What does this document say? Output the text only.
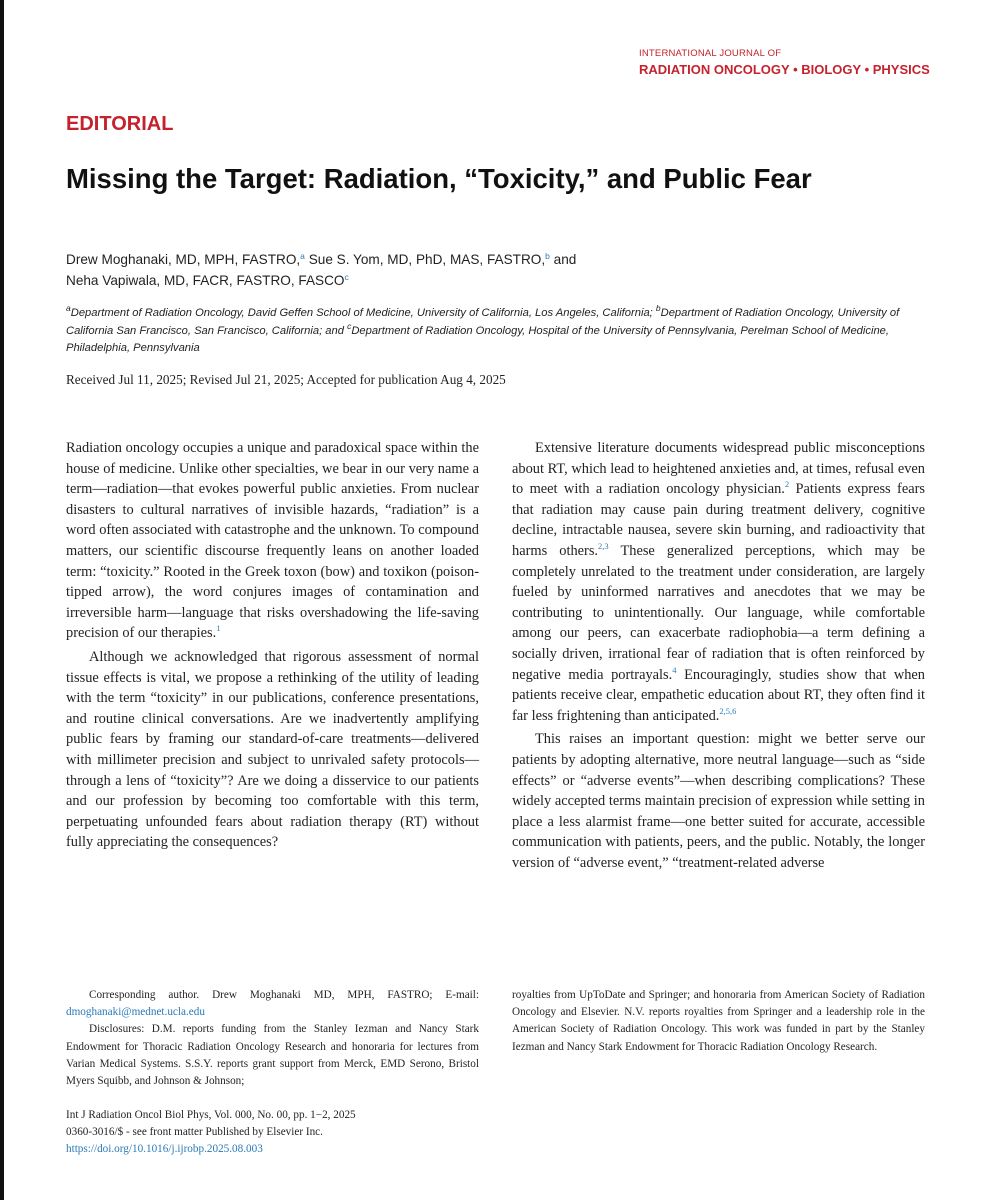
INTERNATIONAL JOURNAL OF
RADIATION ONCOLOGY • BIOLOGY • PHYSICS
EDITORIAL
Missing the Target: Radiation, “Toxicity,” and Public Fear
Drew Moghanaki, MD, MPH, FASTRO,$^a$ Sue S. Yom, MD, PhD, MAS, FASTRO,$^b$ and
Neha Vapiwala, MD, FACR, FASTRO, FASCO$^c$
$^a$Department of Radiation Oncology, David Geffen School of Medicine, University of California, Los Angeles, California; $^b$Department of Radiation Oncology, University of California San Francisco, San Francisco, California; and $^c$Department of Radiation Oncology, Hospital of the University of Pennsylvania, Perelman School of Medicine, Philadelphia, Pennsylvania
Received Jul 11, 2025; Revised Jul 21, 2025; Accepted for publication Aug 4, 2025

Radiation oncology occupies a unique and paradoxical space within the house of medicine. Unlike other specialties, we bear in our very name a term—radiation—that evokes powerful public anxieties. From nuclear disasters to cultural narratives of invisible hazards, “radiation” is a word often associated with catastrophe and the unknown. To compound matters, our scientific discourse frequently leans on another loaded term: “toxicity.” Rooted in the Greek toxon (bow) and toxikon (poison-tipped arrow), the word conjures images of contamination and irreversible harm—language that risks overshadowing the life-saving precision of our therapies.$^1$

Although we acknowledged that rigorous assessment of normal tissue effects is vital, we propose a rethinking of the utility of leading with the term “toxicity” in our publications, conference presentations, and routine clinical conversations. Are we inadvertently amplifying public fears by framing our standard-of-care treatments—delivered with millimeter precision and subject to unrivaled safety protocols—through a lens of “toxicity”? Are we doing a disservice to our patients and our profession by becoming too comfortable with this term, perpetuating unfounded fears about radiation therapy (RT) without fully appreciating the consequences?

Extensive literature documents widespread public misconceptions about RT, which lead to heightened anxieties and, at times, refusal even to meet with a radiation oncology physician.$^2$ Patients express fears that radiation may cause pain during treatment delivery, cognitive decline, intractable nausea, severe skin burning, and radioactivity that harms others.$^{2,3}$ These generalized perceptions, which may be completely unrelated to the treatment under consideration, are largely fueled by uninformed narratives and anecdotes that we may be contributing to unintentionally. Our language, while comfortable among our peers, can exacerbate radiophobia—a term defining a socially driven, irrational fear of radiation that is often reinforced by negative media portrayals.$^4$ Encouragingly, studies show that when patients receive clear, empathetic education about RT, they often find it far less frightening than anticipated.$^{2,5,6}$

This raises an important question: might we better serve our patients by adopting alternative, more neutral language—such as “side effects” or “adverse events”—when describing complications? These widely accepted terms maintain precision of expression while setting in place a less alarmist frame—one better suited for accurate, accessible communication with patients, peers, and the public. Notably, the longer version of “adverse event,” “treatment-related adverse

Corresponding author. Drew Moghanaki MD, MPH, FASTRO; E-mail: dmoghanaki@mednet.ucla.edu

Disclosures: D.M. reports funding from the Stanley Iezman and Nancy Stark Endowment for Thoracic Radiation Oncology Research and honoraria for lectures from Varian Medical Systems. S.S.Y. reports grant support from Merck, EMD Serono, Bristol Myers Squibb, and Johnson & Johnson;

royalties from UpToDate and Springer; and honoraria from American Society of Radiation Oncology and Elsevier. N.V. reports royalties from Springer and a leadership role in the American Society of Radiation Oncology. This work was funded in part by the Stanley Iezman and Nancy Stark Endowment for Thoracic Radiation Oncology Research.

Int J Radiation Oncol Biol Phys, Vol. 000, No. 00, pp. 1−2, 2025
0360-3016/$ - see front matter Published by Elsevier Inc.
https://doi.org/10.1016/j.ijrobp.2025.08.003
